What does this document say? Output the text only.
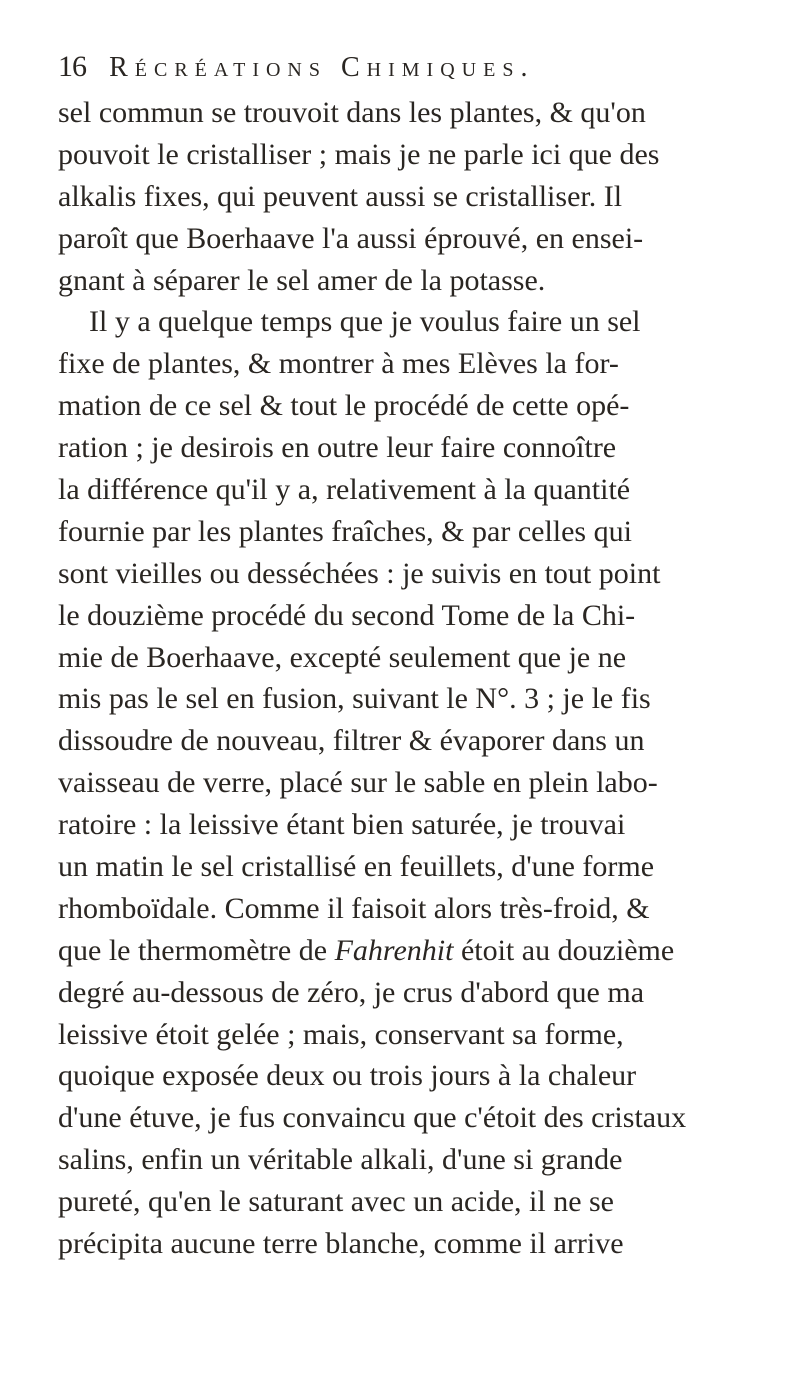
16 Récréations Chimiques.
sel commun se trouvoit dans les plantes, & qu'on
pouvoit le cristalliser ; mais je ne parle ici que des
alkalis fixes, qui peuvent aussi se cristalliser. Il
paroît que Boerhaave l'a aussi éprouvé, en ensei-
gnant à séparer le sel amer de la potasse.
Il y a quelque temps que je voulus faire un sel
fixe de plantes, & montrer à mes Elèves la for-
mation de ce sel & tout le procédé de cette opé-
ration ; je desirois en outre leur faire connoître
la différence qu'il y a, relativement à la quantité
fournie par les plantes fraîches, & par celles qui
sont vieilles ou desséchées : je suivis en tout point
le douzième procédé du second Tome de la Chi-
mie de Boerhaave, excepté seulement que je ne
mis pas le sel en fusion, suivant le N°. 3 ; je le fis
dissoudre de nouveau, filtrer & évaporer dans un
vaisseau de verre, placé sur le sable en plein labo-
ratoire : la leissive étant bien saturée, je trouvai
un matin le sel cristallisé en feuillets, d'une forme
rhomboïdale. Comme il faisoit alors très-froid, &
que le thermomètre de Fahrenhit étoit au douzième
degré au-dessous de zéro, je crus d'abord que ma
leissive étoit gelée ; mais, conservant sa forme,
quoique exposée deux ou trois jours à la chaleur
d'une étuve, je fus convaincu que c'étoit des cristaux
salins, enfin un véritable alkali, d'une si grande
pureté, qu'en le saturant avec un acide, il ne se
précipita aucune terre blanche, comme il arrive
